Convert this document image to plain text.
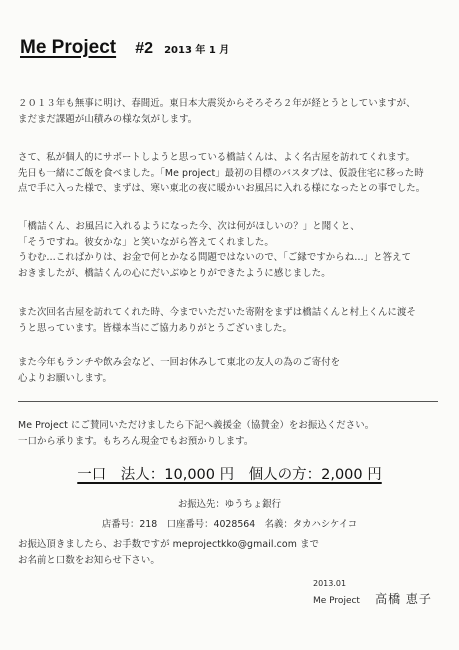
Me Project #2 2013 年 1 月
２０１３年も無事に明け、春間近。東日本大震災からそろそろ２年が経とうとしていますが、
まだまだ課題が山積みの様な気がします。
さて、私が個人的にサポートしようと思っている橋詰くんは、よく名古屋を訪れてくれます。
先日も一緒にご飯を食べました。「Me project」最初の目標のバスタブは、仮設住宅に移った時
点で手に入った様で、まずは、寒い東北の夜に暖かいお風呂に入れる様になったとの事でした。
「橋詰くん、お風呂に入れるようになった今、次は何がほしいの？」と聞くと、
「そうですね。彼女かな」と笑いながら答えてくれました。
うむむ…こればかりは、お金で何とかなる問題ではないので、「ご縁ですからね…」と答えて
おきましたが、橋詰くんの心にだいぶゆとりができたように感じました。
また次回名古屋を訪れてくれた時、今までいただいた寄附をまずは橋詰くんと村上くんに渡そ
うと思っています。皆様本当にご協力ありがとうございました。
また今年もランチや飲み会など、一回お休みして東北の友人の為のご寄付を
心よりお願いします。
Me Project にご賛同いただけましたら下記へ義援金（協賛金）をお振込ください。
一口から承ります。もちろん現金でもお預かりします。
一口　法人：10,000 円　個人の方：2,000 円
お振込先：ゆうちょ銀行
店番号：218　口座番号：4028564　名義：タカハシケイコ
お振込頂きましたら、お手数ですが meprojectkko@gmail.com まで
お名前と口数をお知らせ下さい。
2013.01
Me Project 高橋 恵子
